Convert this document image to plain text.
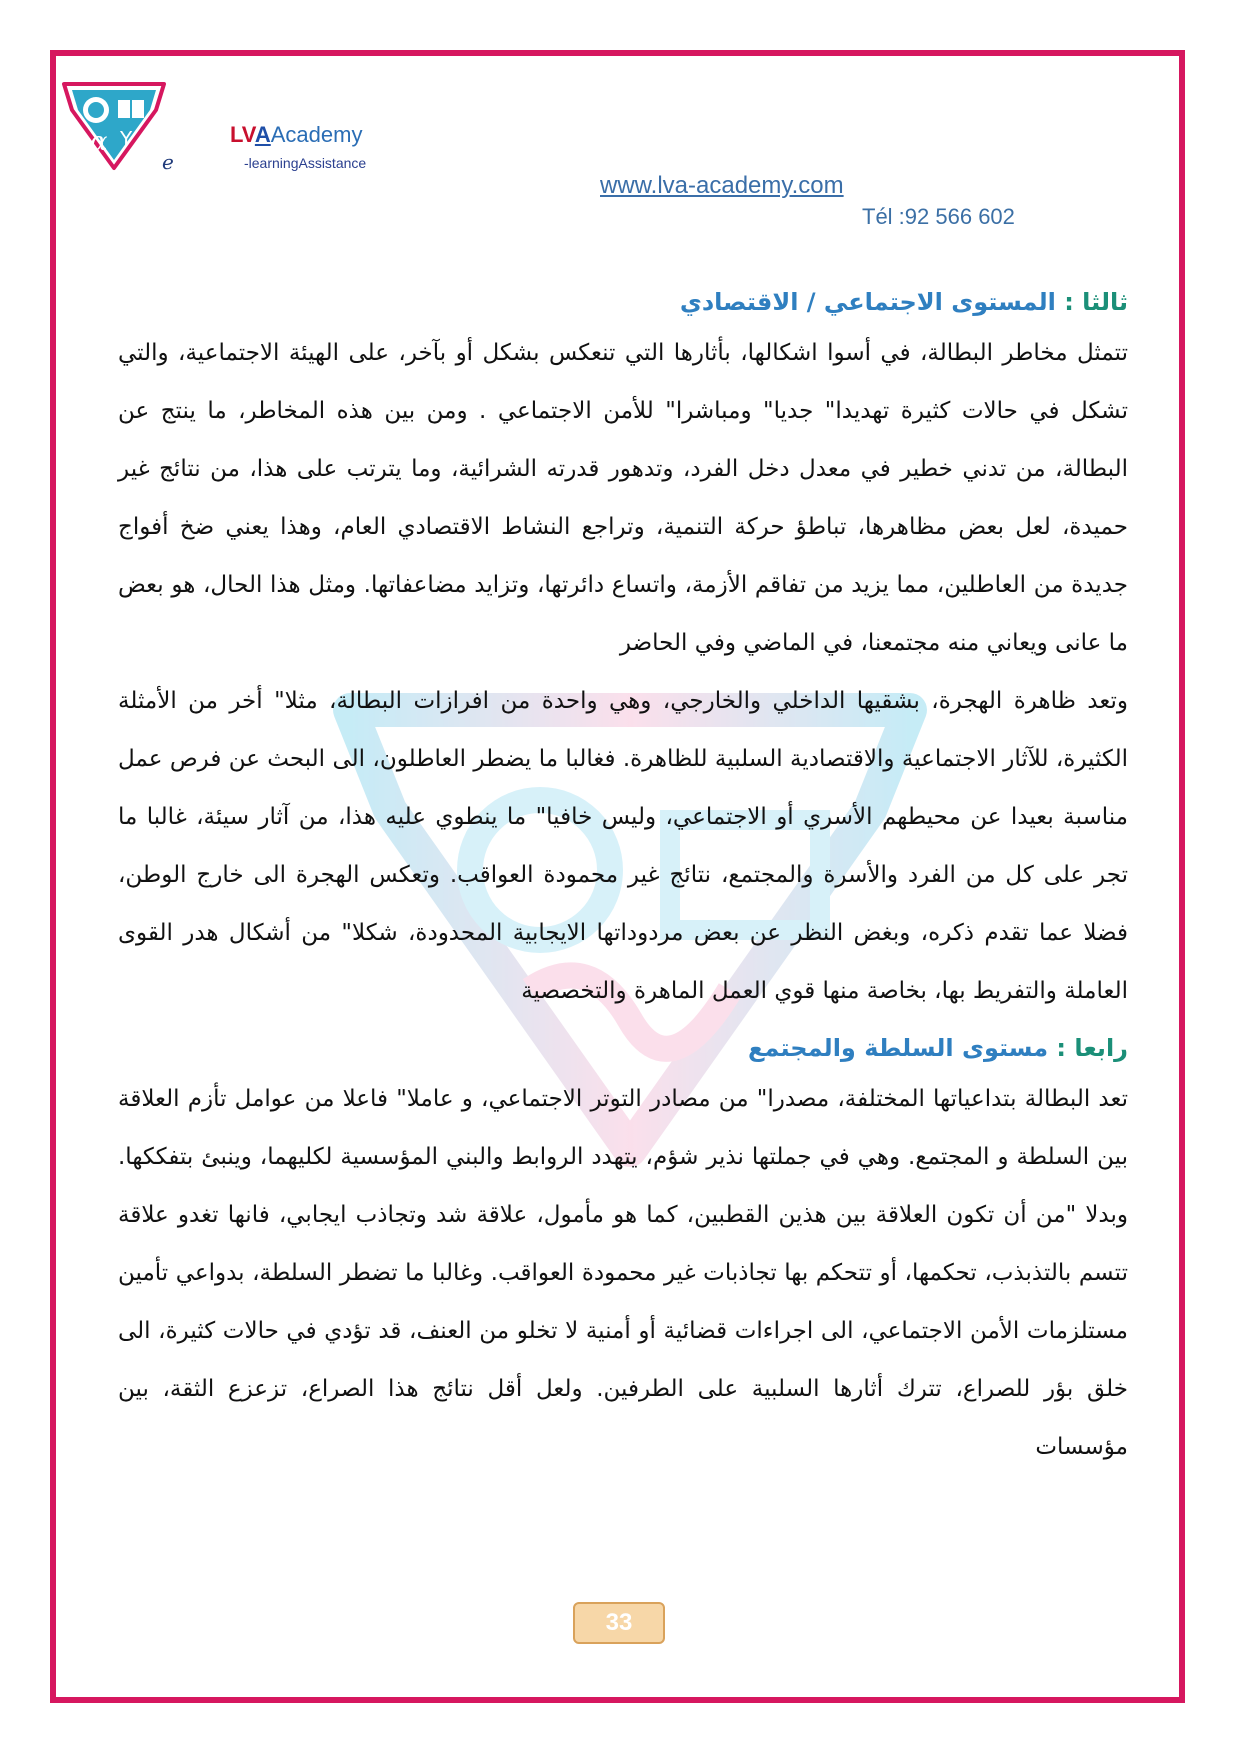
α Y
e
LVAAcademy
-learningAssistance
www.lva-academy.com
Tél :92 566 602
ثالثا : المستوى الاجتماعي / الاقتصادي

تتمثل مخاطر البطالة، في أسوا اشكالها، بأثارها التي تنعكس بشكل أو بآخر، على الهيئة الاجتماعية، والتي تشكل في حالات كثيرة تهديدا" جديا" ومباشرا" للأمن الاجتماعي . ومن بين هذه المخاطر، ما ينتج عن البطالة، من تدني خطير في معدل دخل الفرد، وتدهور قدرته الشرائية، وما يترتب على هذا، من نتائج غير حميدة، لعل بعض مظاهرها، تباطؤ حركة التنمية، وتراجع النشاط الاقتصادي العام، وهذا يعني ضخ أفواج جديدة من العاطلين، مما يزيد من تفاقم الأزمة، واتساع دائرتها، وتزايد مضاعفاتها. ومثل هذا الحال، هو بعض ما عانى ويعاني منه مجتمعنا، في الماضي وفي الحاضر

وتعد ظاهرة الهجرة، بشقيها الداخلي والخارجي، وهي واحدة من افرازات البطالة، مثلا" أخر من الأمثلة الكثيرة، للآثار الاجتماعية والاقتصادية السلبية للظاهرة. فغالبا ما يضطر العاطلون، الى البحث عن فرص عمل مناسبة بعيدا عن محيطهم الأسري أو الاجتماعي، وليس خافيا" ما ينطوي عليه هذا، من آثار سيئة، غالبا ما تجر على كل من الفرد والأسرة والمجتمع، نتائج غير محمودة العواقب. وتعكس الهجرة الى خارج الوطن، فضلا عما تقدم ذكره، وبغض النظر عن بعض مردوداتها الايجابية المحدودة، شكلا" من أشكال هدر القوى العاملة والتفريط بها، بخاصة منها قوي العمل الماهرة والتخصصية

رابعا : مستوى السلطة والمجتمع

تعد البطالة بتداعياتها المختلفة، مصدرا" من مصادر التوتر الاجتماعي، و عاملا" فاعلا من عوامل تأزم العلاقة بين السلطة و المجتمع. وهي في جملتها نذير شؤم، يتهدد الروابط والبني المؤسسية لكليهما، وينبئ بتفككها. وبدلا "من أن تكون العلاقة بين هذين القطبين، كما هو مأمول، علاقة شد وتجاذب ايجابي، فانها تغدو علاقة تتسم بالتذبذب، تحكمها، أو تتحكم بها تجاذبات غير محمودة العواقب. وغالبا ما تضطر السلطة، بدواعي تأمين مستلزمات الأمن الاجتماعي، الى اجراءات قضائية أو أمنية لا تخلو من العنف، قد تؤدي في حالات كثيرة، الى خلق بؤر للصراع، تترك أثارها السلبية على الطرفين. ولعل أقل نتائج هذا الصراع، تزعزع الثقة، بين مؤسسات

33
